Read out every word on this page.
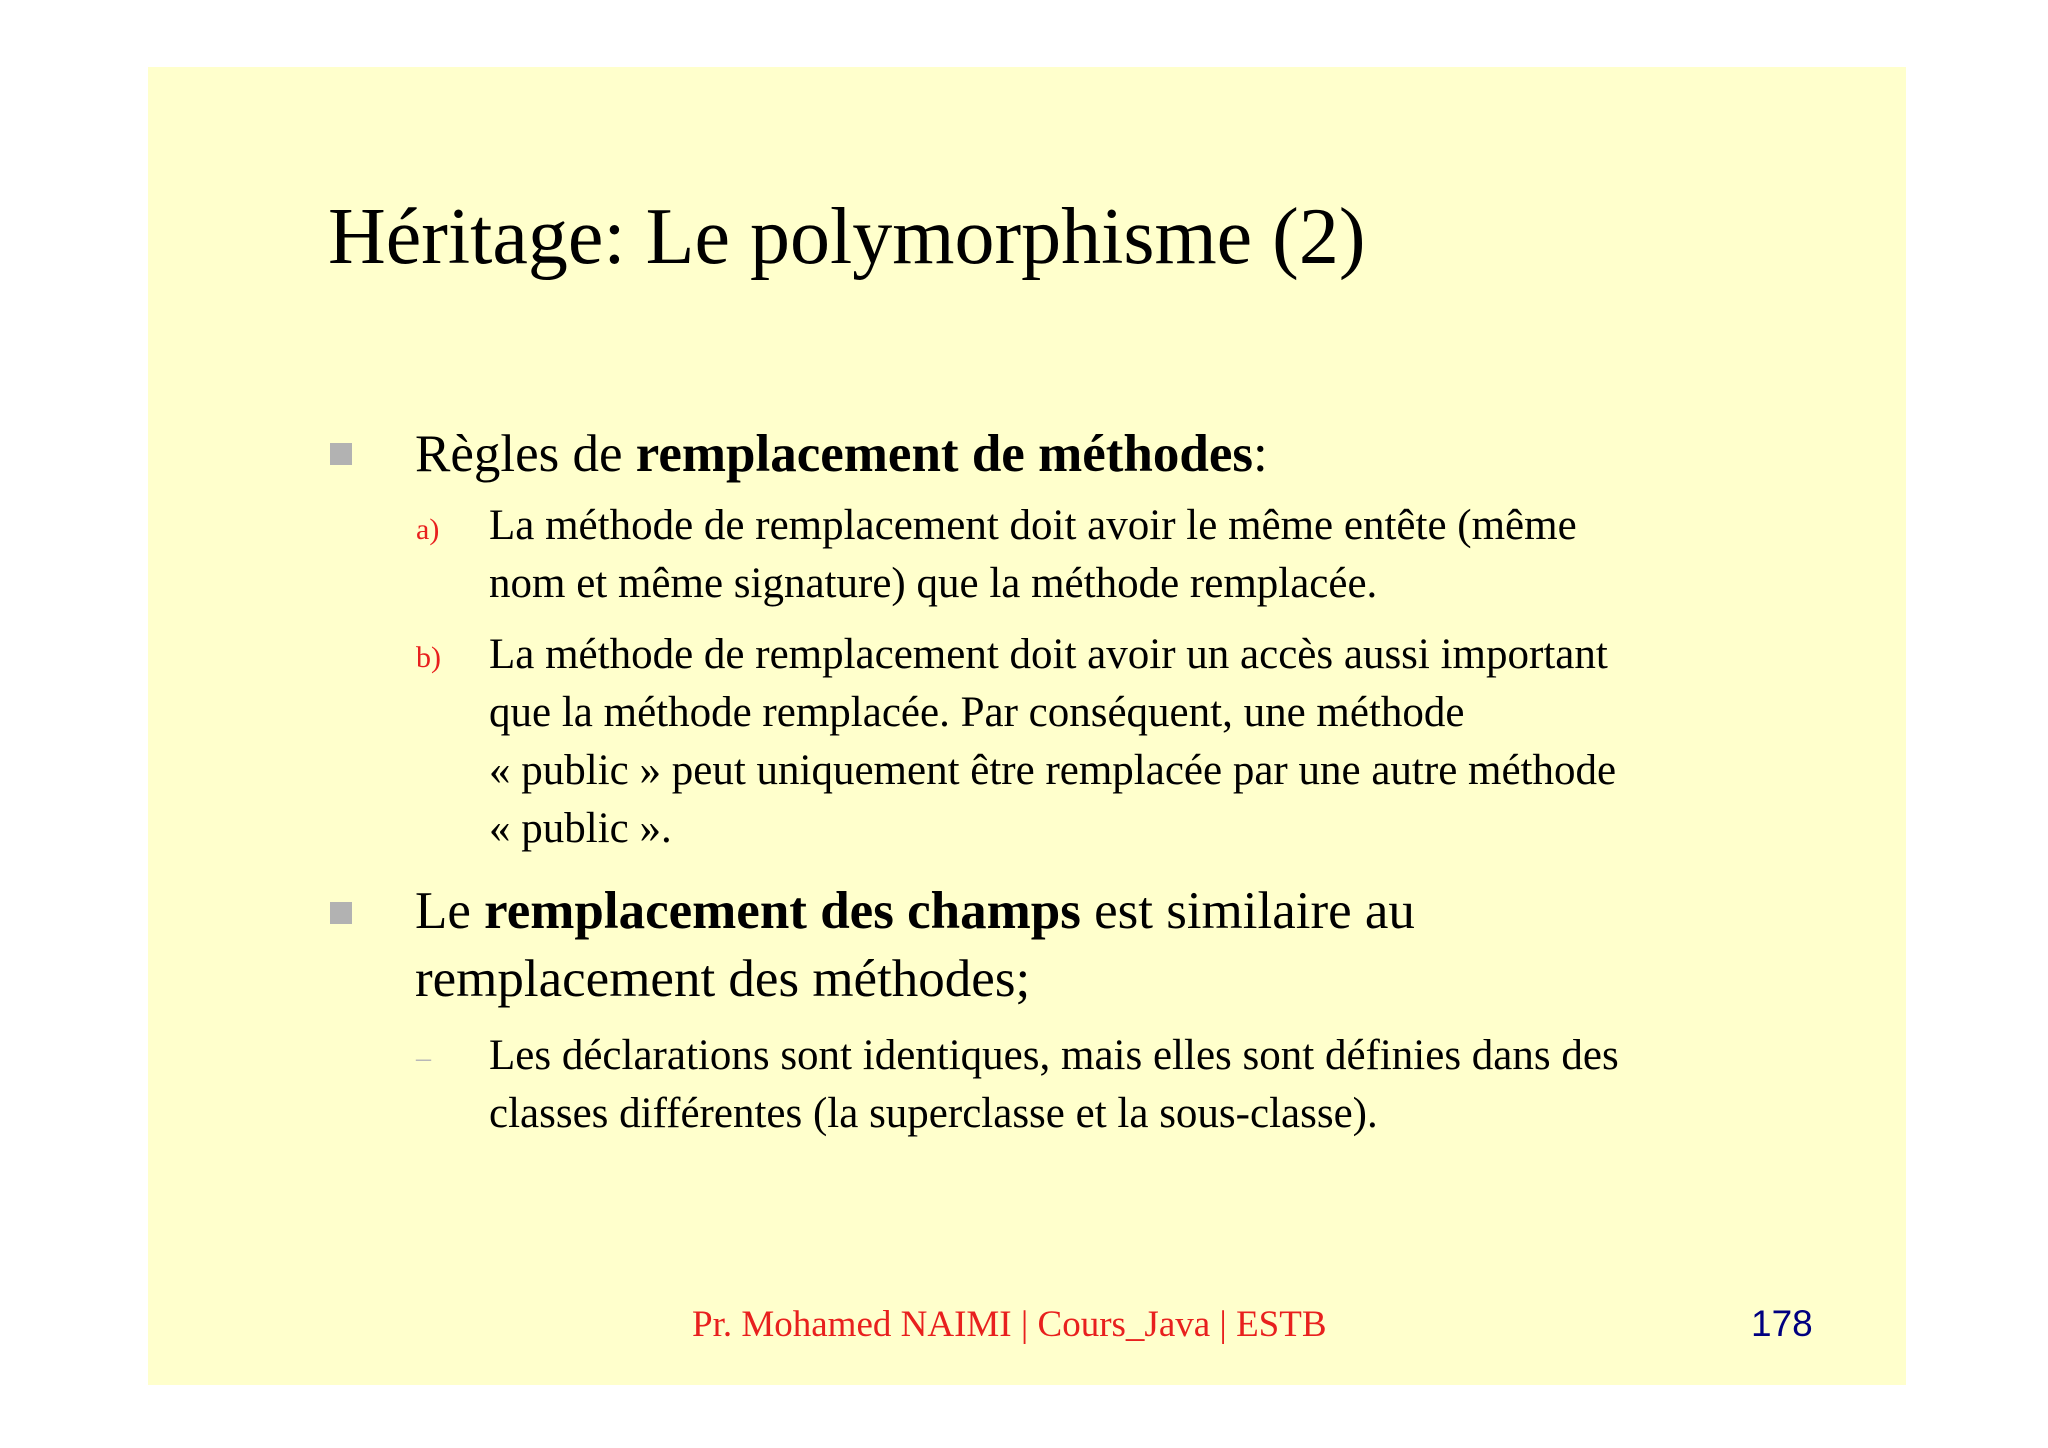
Héritage: Le polymorphisme (2)
Règles de remplacement de méthodes:
a) La méthode de remplacement doit avoir le même entête (même
nom et même signature) que la méthode remplacée.
b) La méthode de remplacement doit avoir un accès aussi important
que la méthode remplacée. Par conséquent, une méthode
« public » peut uniquement être remplacée par une autre méthode
« public ».
Le remplacement des champs est similaire au
remplacement des méthodes;
– Les déclarations sont identiques, mais elles sont définies dans des
classes différentes (la superclasse et la sous-classe).
Pr. Mohamed NAIMI | Cours_Java | ESTB	178
